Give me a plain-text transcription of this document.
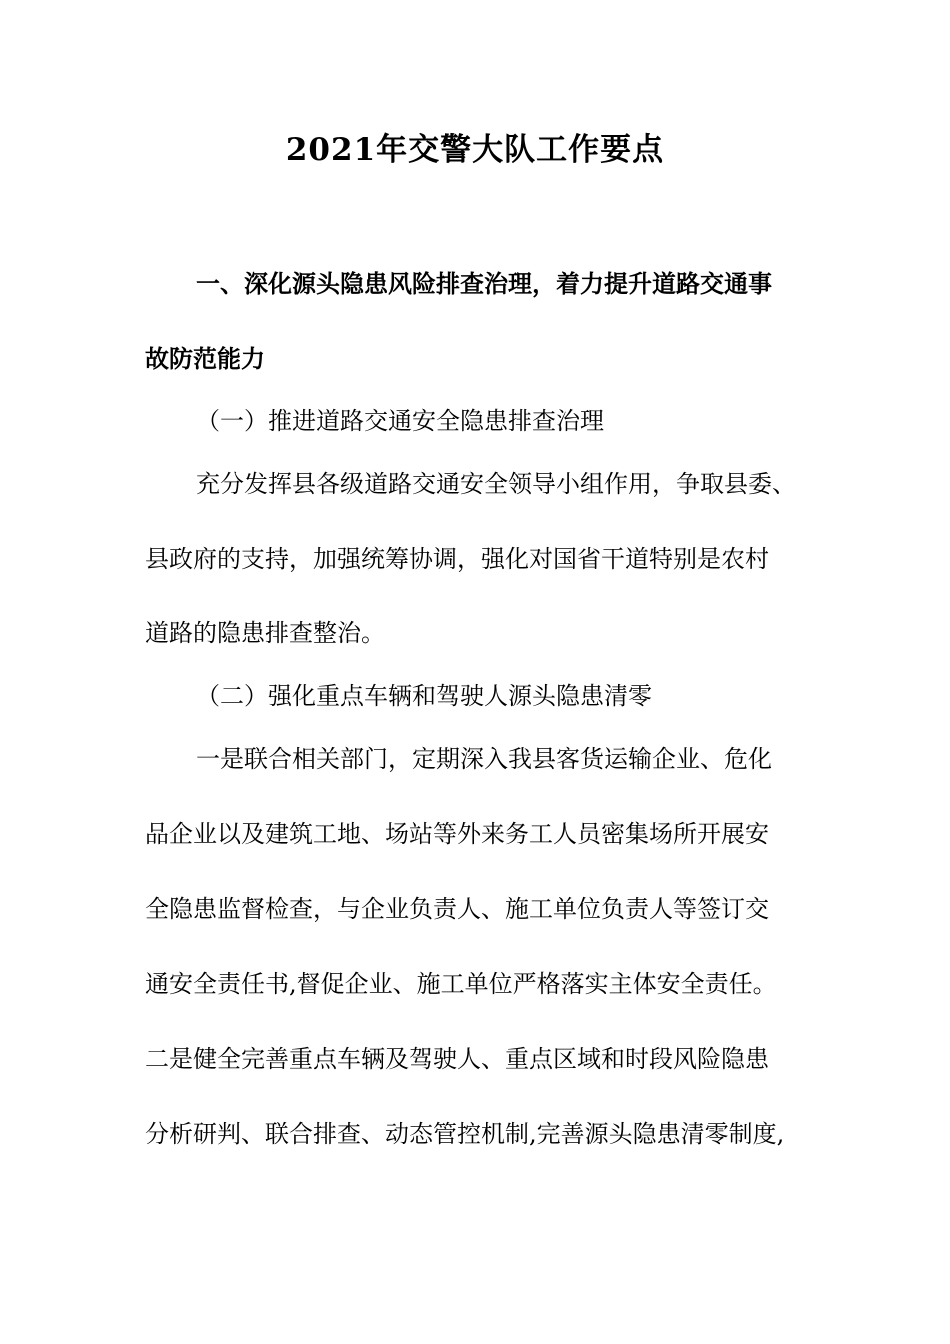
2021年交警大队工作要点
一、深化源头隐患风险排查治理，着力提升道路交通事
故防范能力
（一）推进道路交通安全隐患排查治理
充分发挥县各级道路交通安全领导小组作用，争取县委、
县政府的支持，加强统筹协调，强化对国省干道特别是农村
道路的隐患排查整治。
（二）强化重点车辆和驾驶人源头隐患清零
一是联合相关部门，定期深入我县客货运输企业、危化
品企业以及建筑工地、场站等外来务工人员密集场所开展安
全隐患监督检查，与企业负责人、施工单位负责人等签订交
通安全责任书,督促企业、施工单位严格落实主体安全责任。
二是健全完善重点车辆及驾驶人、重点区域和时段风险隐患
分析研判、联合排查、动态管控机制,完善源头隐患清零制度,
